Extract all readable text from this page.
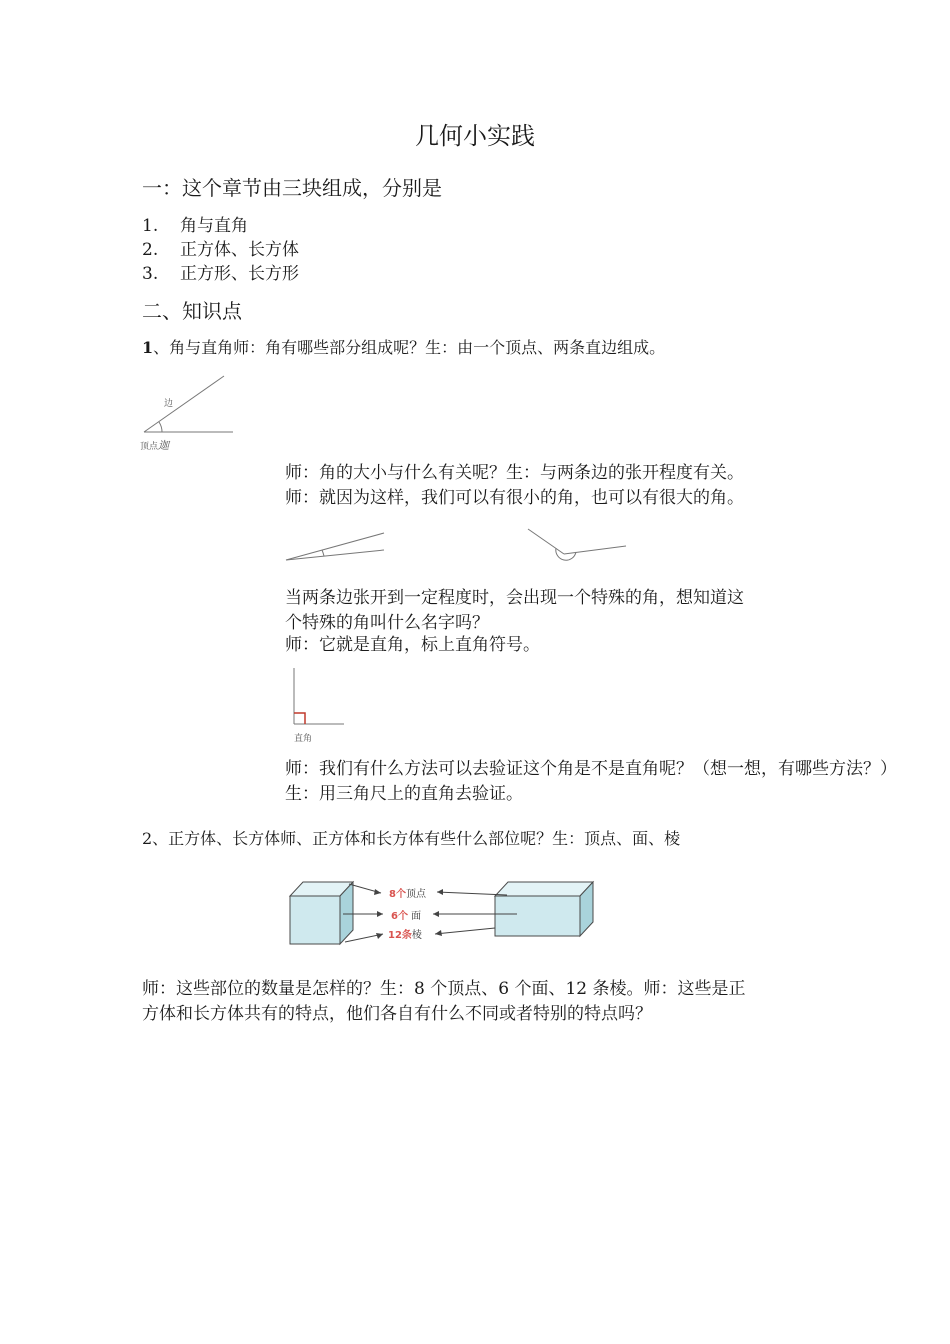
几何小实践
一：这个章节由三块组成，分别是
1. 角与直角
2. 正方体、长方体
3. 正方形、长方形
二、知识点
1、角与直角师：角有哪些部分组成呢？生：由一个顶点、两条直边组成。
边
顶点迦
师：角的大小与什么有关呢？生：与两条边的张开程度有关。
师：就因为这样，我们可以有很小的角，也可以有很大的角。
当两条边张开到一定程度时，会出现一个特殊的角，想知道这
个特殊的角叫什么名字吗？
师：它就是直角，标上直角符号。
直角
师：我们有什么方法可以去验证这个角是不是直角呢？（想一想，有哪些方法？）
生：用三角尺上的直角去验证。
2、正方体、长方体师、正方体和长方体有些什么部位呢？生：顶点、面、棱
8个顶点
6个 面
12条棱
师：这些部位的数量是怎样的？生：8 个顶点、6 个面、12 条棱。师：这些是正
方体和长方体共有的特点，他们各自有什么不同或者特别的特点吗？
